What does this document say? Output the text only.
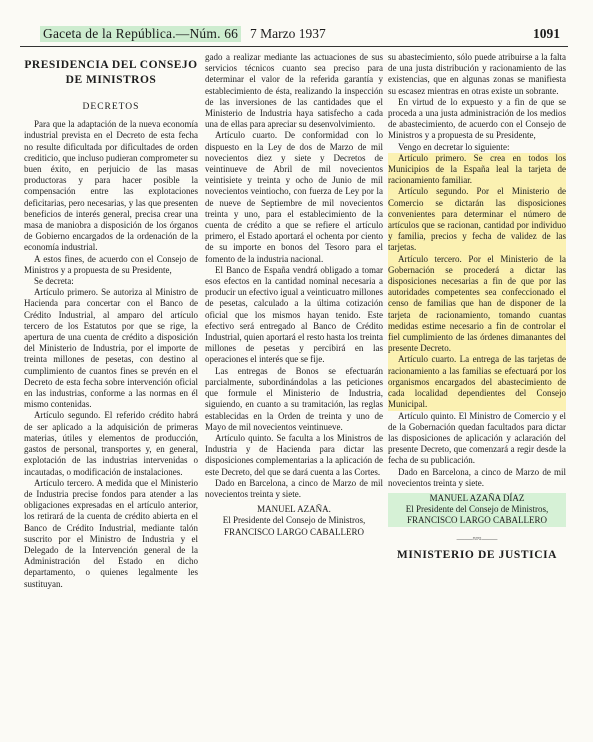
Gaceta de la República.—Núm. 66 7 Marzo 1937	1091

PRESIDENCIA DEL CONSEJO DE MINISTROS

DECRETOS

Para que la adaptación de la nueva economía industrial prevista en el Decreto de esta fecha no resulte dificultada por dificultades de orden crediticio, que incluso pudieran comprometer su buen éxito, en perjuicio de las masas productoras y para hacer posible la compensación entre las explotaciones deficitarias, pero necesarias, y las que presenten beneficios de interés general, precisa crear una masa de maniobra a disposición de los órganos de Gobierno encargados de la ordenación de la economía industrial.

A estos fines, de acuerdo con el Consejo de Ministros y a propuesta de su Presidente,

Se decreta:

Artículo primero. Se autoriza al Ministro de Hacienda para concertar con el Banco de Crédito Industrial, al amparo del artículo tercero de los Estatutos por que se rige, la apertura de una cuenta de crédito a disposición del Ministerio de Industria, por el importe de treinta millones de pesetas, con destino al cumplimiento de cuantos fines se prevén en el Decreto de esta fecha sobre intervención oficial en las industrias, conforme a las normas en él mismo contenidas.

Artículo segundo. El referido crédito habrá de ser aplicado a la adquisición de primeras materias, útiles y elementos de producción, gastos de personal, transportes y, en general, explotación de las industrias intervenidas o incautadas, o modificación de instalaciones.

Artículo tercero. A medida que el Ministerio de Industria precise fondos para atender a las obligaciones expresadas en el artículo anterior, los retirará de la cuenta de crédito abierta en el Banco de Crédito Industrial, mediante talón suscrito por el Ministro de Industria y el Delegado de la Intervención general de la Administración del Estado en dicho departamento, o quienes legalmente les sustituyan.

gado a realizar mediante las actuaciones de sus servicios técnicos cuanto sea preciso para determinar el valor de la referida garantía y establecimiento de ésta, realizando la inspección de las inversiones de las cantidades que el Ministerio de Industria haya satisfecho a cada una de ellas para apreciar su desenvolvimiento.

Artículo cuarto. De conformidad con lo dispuesto en la Ley de dos de Marzo de mil novecientos diez y siete y Decretos de veintinueve de Abril de mil novecientos veintisiete y treinta y ocho de Junio de mil novecientos veintiocho, con fuerza de Ley por la de nueve de Septiembre de mil novecientos treinta y uno, para el establecimiento de la cuenta de crédito a que se refiere el artículo primero, el Estado aportará el ochenta por ciento de su importe en bonos del Tesoro para el fomento de la industria nacional.

El Banco de España vendrá obligado a tomar esos efectos en la cantidad nominal necesaria a producir un efectivo igual a veinticuatro millones de pesetas, calculado a la última cotización oficial que los mismos hayan tenido. Este efectivo será entregado al Banco de Crédito Industrial, quien aportará el resto hasta los treinta millones de pesetas y percibirá en las operaciones el interés que se fije.

Las entregas de Bonos se efectuarán parcialmente, subordinándolas a las peticiones que formule el Ministerio de Industria, siguiendo, en cuanto a su tramitación, las reglas establecidas en la Orden de treinta y uno de Mayo de mil novecientos veintinueve.

Artículo quinto. Se faculta a los Ministros de Industria y de Hacienda para dictar las disposiciones complementarias a la aplicación de este Decreto, del que se dará cuenta a las Cortes.

Dado en Barcelona, a cinco de Marzo de mil novecientos treinta y siete.

MANUEL AZAÑA.

El Presidente del Consejo de Ministros,

FRANCISCO LARGO CABALLERO

su abastecimiento, sólo puede atribuirse a la falta de una justa distribución y racionamiento de las existencias, que en algunas zonas se manifiesta su escasez mientras en otras existe un sobrante.

En virtud de lo expuesto y a fin de que se proceda a una justa administración de los medios de abastecimiento, de acuerdo con el Consejo de Ministros y a propuesta de su Presidente,

Vengo en decretar lo siguiente:

Artículo primero. Se crea en todos los Municipios de la España leal la tarjeta de racionamiento familiar.

Artículo segundo. Por el Ministerio de Comercio se dictarán las disposiciones convenientes para determinar el número de artículos que se racionan, cantidad por individuo y familia, precios y fecha de validez de las tarjetas.

Artículo tercero. Por el Ministerio de la Gobernación se procederá a dictar las disposiciones necesarias a fin de que por las autoridades competentes sea confeccionado el censo de familias que han de disponer de la tarjeta de racionamiento, tomando cuantas medidas estime necesario a fin de controlar el fiel cumplimiento de las órdenes dimanantes del presente Decreto.

Artículo cuarto. La entrega de las tarjetas de racionamiento a las familias se efectuará por los organismos encargados del abastecimiento de cada localidad dependientes del Consejo Municipal.

Artículo quinto. El Ministro de Comercio y el de la Gobernación quedan facultados para dictar las disposiciones de aplicación y aclaración del presente Decreto, que comenzará a regir desde la fecha de su publicación.

Dado en Barcelona, a cinco de Marzo de mil novecientos treinta y siete.

MANUEL AZAÑA DÍAZ

El Presidente del Consejo de Ministros,

FRANCISCO LARGO CABALLERO

——≈≈——

MINISTERIO DE JUSTICIA
